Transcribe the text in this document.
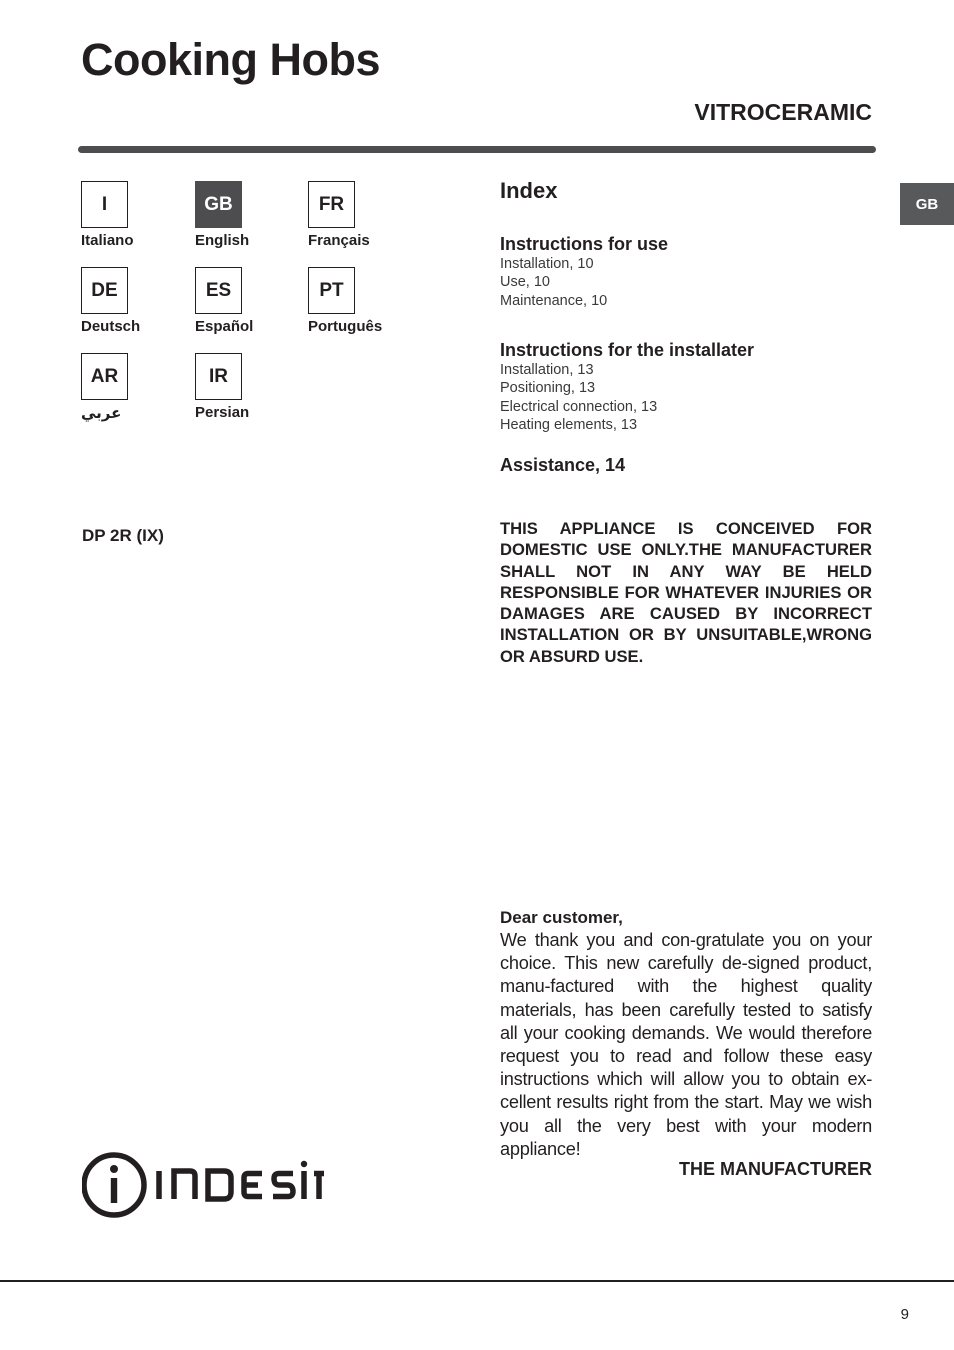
Cooking Hobs
VITROCERAMIC
GB
I
Italiano
GB
English
FR
Français
DE
Deutsch
ES
Español
PT
Português
AR
عربي
IR
Persian
DP 2R (IX)
Index
Instructions for use
Installation, 10
Use, 10
Maintenance, 10
Instructions for the installater
Installation, 13
Positioning, 13
Electrical connection, 13
Heating elements, 13
Assistance, 14
THIS APPLIANCE IS CONCEIVED FOR DOMESTIC USE ONLY.THE MANUFACTURER SHALL NOT IN ANY WAY BE HELD RESPONSIBLE FOR WHATEVER INJURIES OR DAMAGES ARE CAUSED BY INCORRECT INSTALLATION OR BY UNSUITABLE,WRONG OR ABSURD USE.
Dear customer,
We thank you and con-gratulate you on your choice. This new carefully de-signed product, manu-factured with the highest quality materials, has been carefully tested to satisfy all your cooking demands. We would therefore request you to read and follow these easy instructions which will allow you to obtain ex-cellent results right from the start. May we wish you all the very best with your modern appliance!
THE MANUFACTURER
9
